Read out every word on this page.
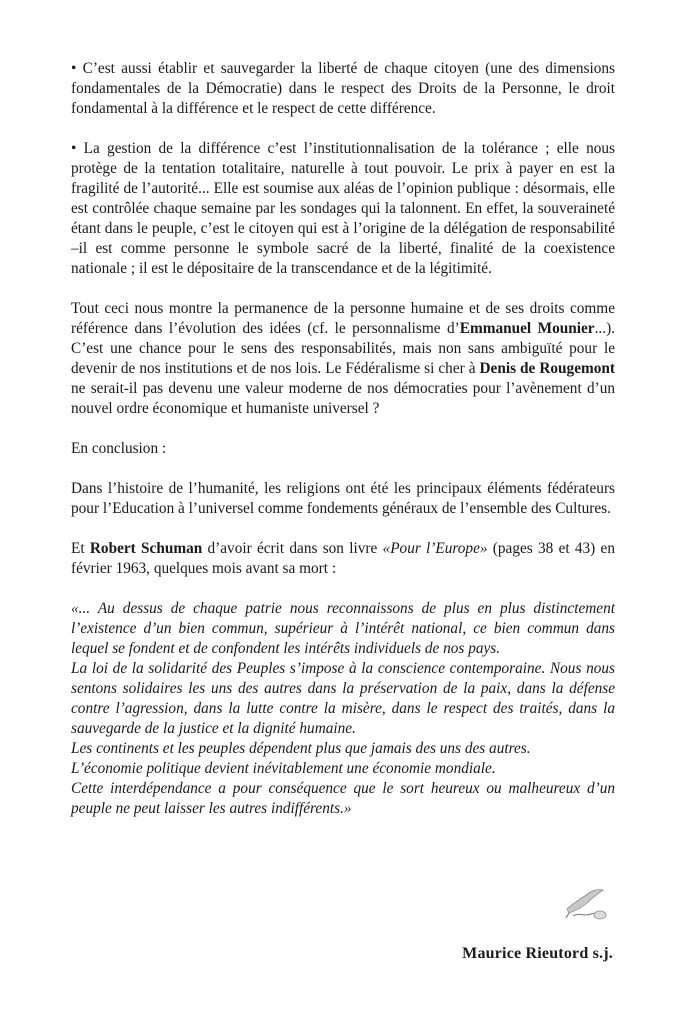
• C’est aussi établir et sauvegarder la liberté de chaque citoyen (une des dimensions fondamentales de la Démocratie) dans le respect des Droits de la Personne, le droit fondamental à la différence et le respect de cette différence.

• La gestion de la différence c’est l’institutionnalisation de la tolérance ; elle nous protège de la tentation totalitaire, naturelle à tout pouvoir. Le prix à payer en est la fragilité de l’autorité... Elle est soumise aux aléas de l’opinion publique : désormais, elle est contrôlée chaque semaine par les sondages qui la talonnent. En effet, la souveraineté étant dans le peuple, c’est le citoyen qui est à l’origine de la délégation de responsabilité –il est comme personne le symbole sacré de la liberté, finalité de la coexistence nationale ; il est le dépositaire de la transcendance et de la légitimité.

Tout ceci nous montre la permanence de la personne humaine et de ses droits comme référence dans l’évolution des idées (cf. le personnalisme d’Emmanuel Mounier...). C’est une chance pour le sens des responsabilités, mais non sans ambiguïté pour le devenir de nos institutions et de nos lois. Le Fédéralisme si cher à Denis de Rougemont ne serait-il pas devenu une valeur moderne de nos démocraties pour l’avènement d’un nouvel ordre économique et humaniste universel ?

En conclusion :

Dans l’histoire de l’humanité, les religions ont été les principaux éléments fédérateurs pour l’Education à l’universel comme fondements généraux de l’ensemble des Cultures.

Et Robert Schuman d’avoir écrit dans son livre «Pour l’Europe» (pages 38 et 43) en février 1963, quelques mois avant sa mort :

«... Au dessus de chaque patrie nous reconnaissons de plus en plus distinctement l’existence d’un bien commun, supérieur à l’intérêt national, ce bien commun dans lequel se fondent et de confondent les intérêts individuels de nos pays.
La loi de la solidarité des Peuples s’impose à la conscience contemporaine. Nous nous sentons solidaires les uns des autres dans la préservation de la paix, dans la défense contre l’agression, dans la lutte contre la misère, dans le respect des traités, dans la sauvegarde de la justice et la dignité humaine.
Les continents et les peuples dépendent plus que jamais des uns des autres.
L’économie politique devient inévitablement une économie mondiale.
Cette interdépendance a pour conséquence que le sort heureux ou malheureux d’un peuple ne peut laisser les autres indifférents.»
Maurice Rieutord s.j.
